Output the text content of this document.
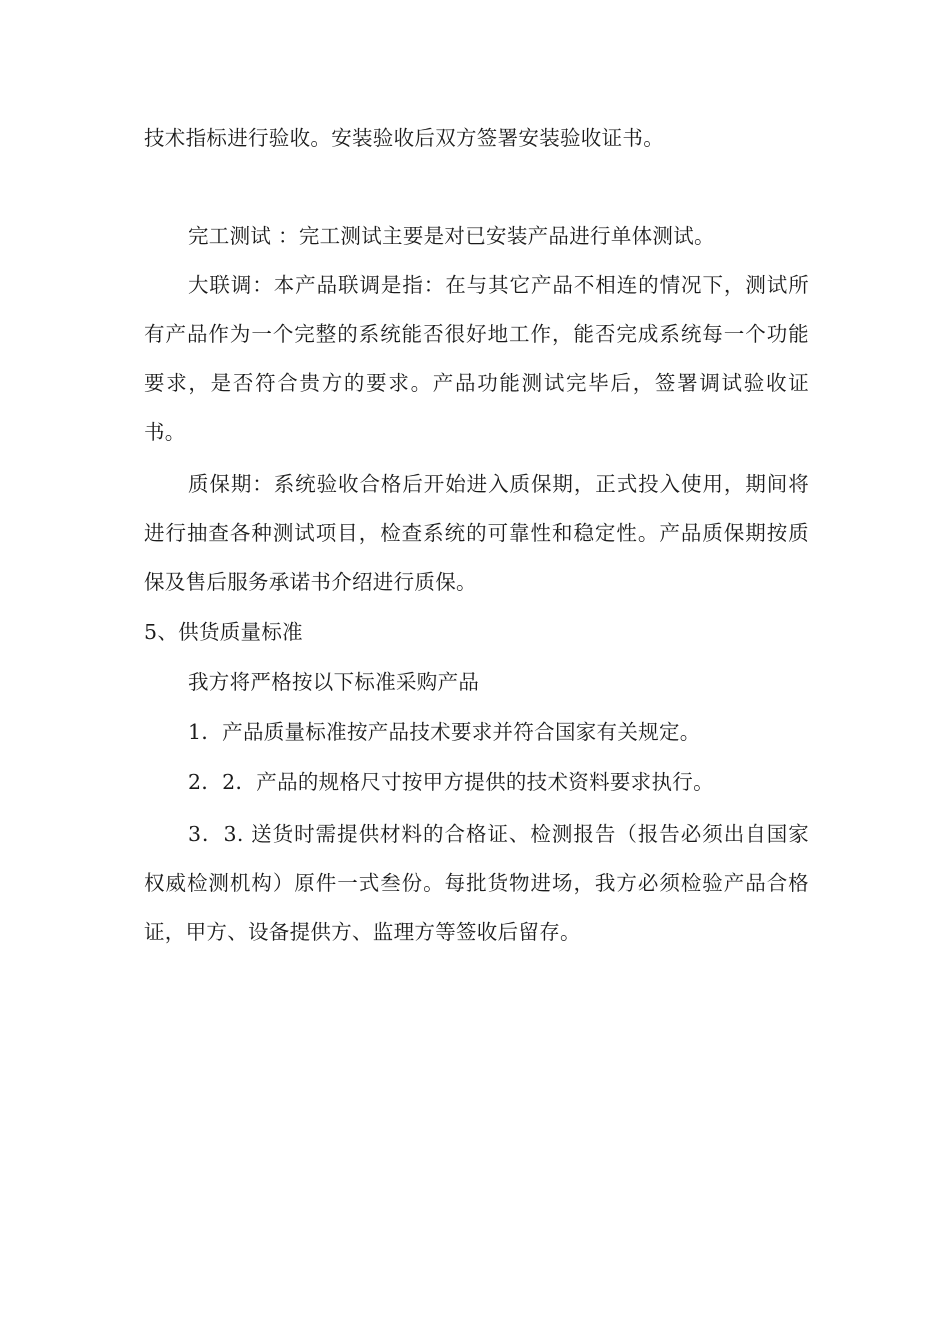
技术指标进行验收。安装验收后双方签署安装验收证书。

完工测试 ：完工测试主要是对已安装产品进行单体测试。

大联调：本产品联调是指：在与其它产品不相连的情况下，测试所有产品作为一个完整的系统能否很好地工作，能否完成系统每一个功能要求，是否符合贵方的要求。产品功能测试完毕后，签署调试验收证书。

质保期：系统验收合格后开始进入质保期，正式投入使用，期间将进行抽查各种测试项目，检查系统的可靠性和稳定性。产品质保期按质保及售后服务承诺书介绍进行质保。

5、供货质量标准

我方将严格按以下标准采购产品

1．产品质量标准按产品技术要求并符合国家有关规定。

2．2．产品的规格尺寸按甲方提供的技术资料要求执行。

3．3. 送货时需提供材料的合格证、检测报告（报告必须出自国家权威检测机构）原件一式叁份。每批货物进场，我方必须检验产品合格证，甲方、设备提供方、监理方等签收后留存。
